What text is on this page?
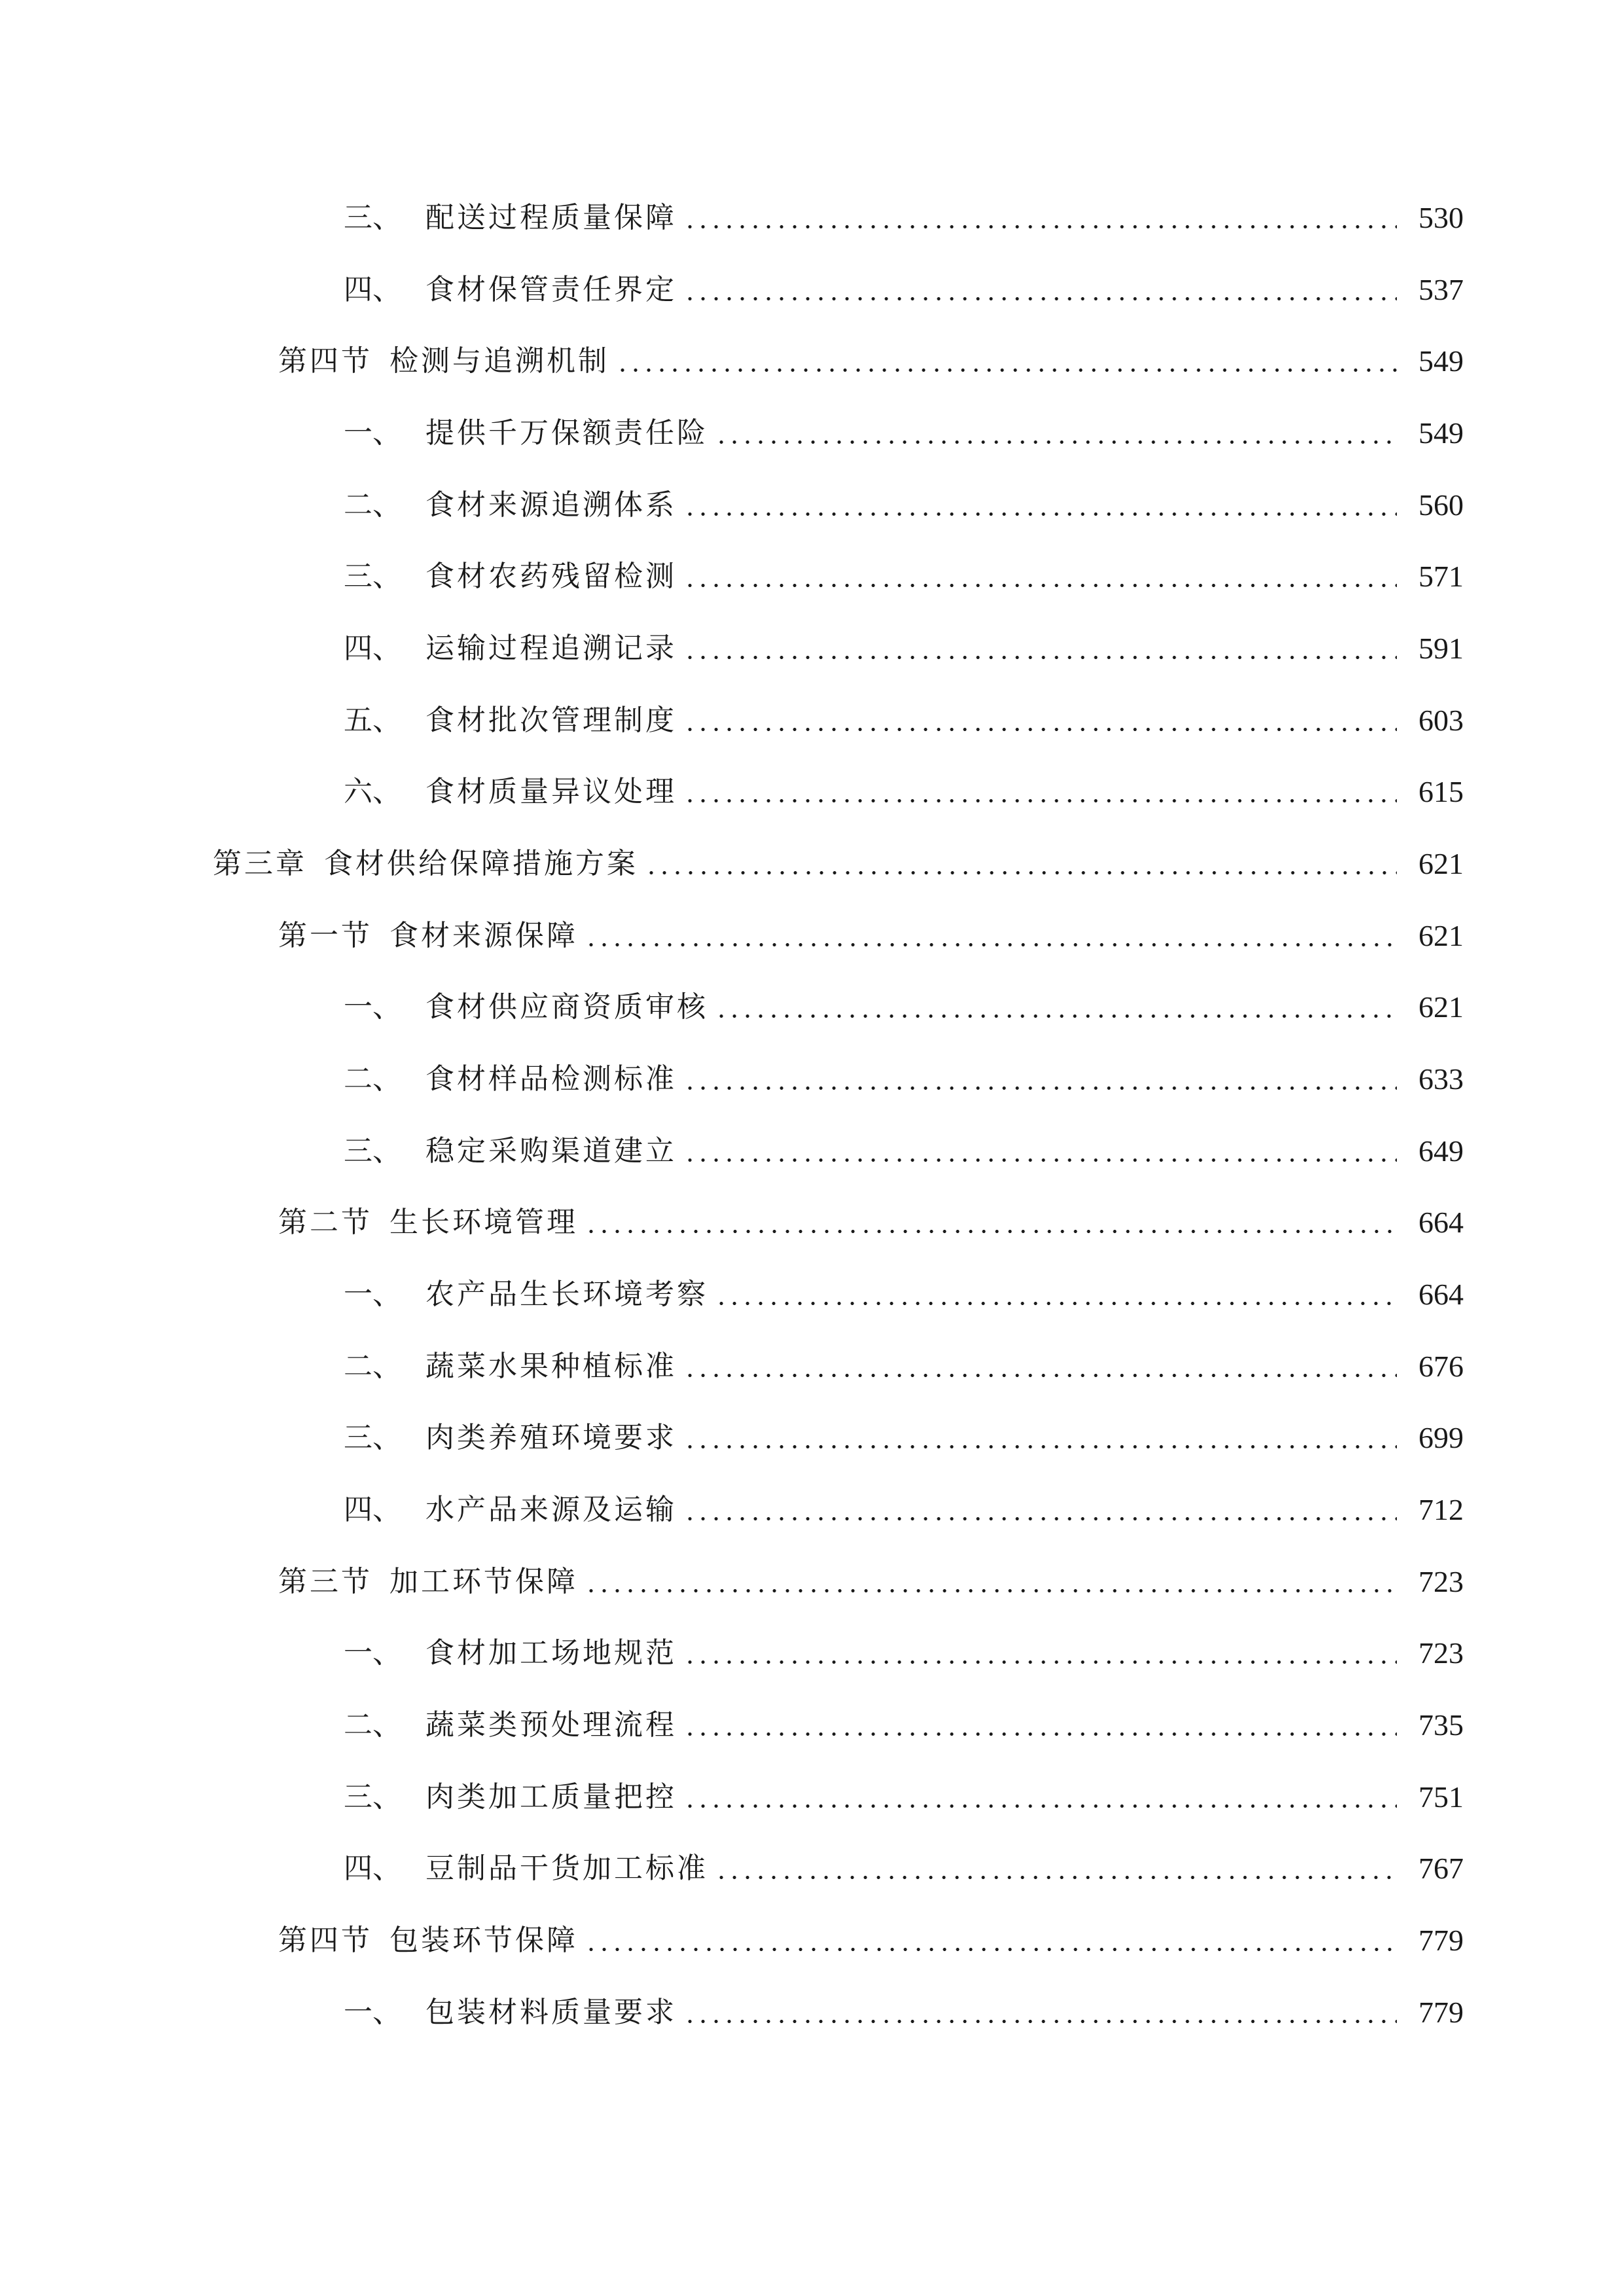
三、 配送过程质量保障	530
四、 食材保管责任界定	537
第四节 检测与追溯机制	549
一、 提供千万保额责任险	549
二、 食材来源追溯体系	560
三、 食材农药残留检测	571
四、 运输过程追溯记录	591
五、 食材批次管理制度	603
六、 食材质量异议处理	615
第三章 食材供给保障措施方案	621
第一节 食材来源保障	621
一、 食材供应商资质审核	621
二、 食材样品检测标准	633
三、 稳定采购渠道建立	649
第二节 生长环境管理	664
一、 农产品生长环境考察	664
二、 蔬菜水果种植标准	676
三、 肉类养殖环境要求	699
四、 水产品来源及运输	712
第三节 加工环节保障	723
一、 食材加工场地规范	723
二、 蔬菜类预处理流程	735
三、 肉类加工质量把控	751
四、 豆制品干货加工标准	767
第四节 包装环节保障	779
一、 包装材料质量要求	779
